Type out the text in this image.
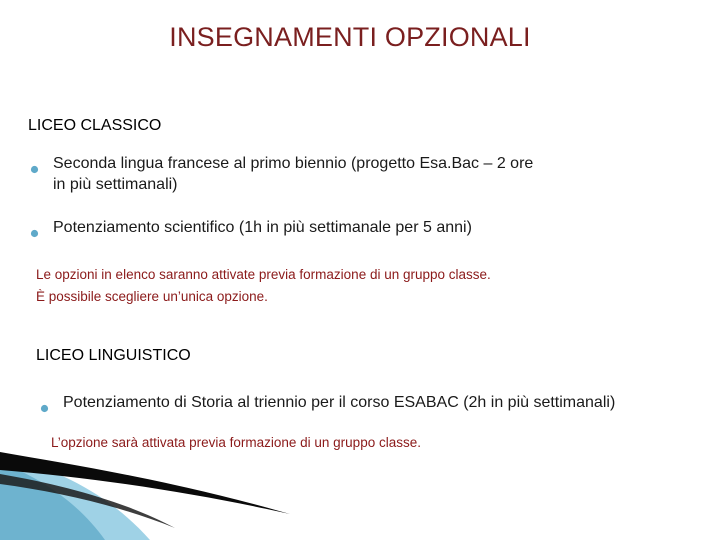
INSEGNAMENTI OPZIONALI
LICEO CLASSICO
Seconda lingua francese al primo biennio (progetto Esa.Bac – 2 ore
in più settimanali)
Potenziamento scientifico (1h in più settimanale per 5 anni)
Le opzioni in elenco saranno attivate previa formazione di un gruppo classe.
È possibile scegliere un’unica opzione.
LICEO LINGUISTICO
Potenziamento di Storia al triennio per il corso ESABAC (2h in più settimanali)
L’opzione sarà attivata previa formazione di un gruppo classe.
